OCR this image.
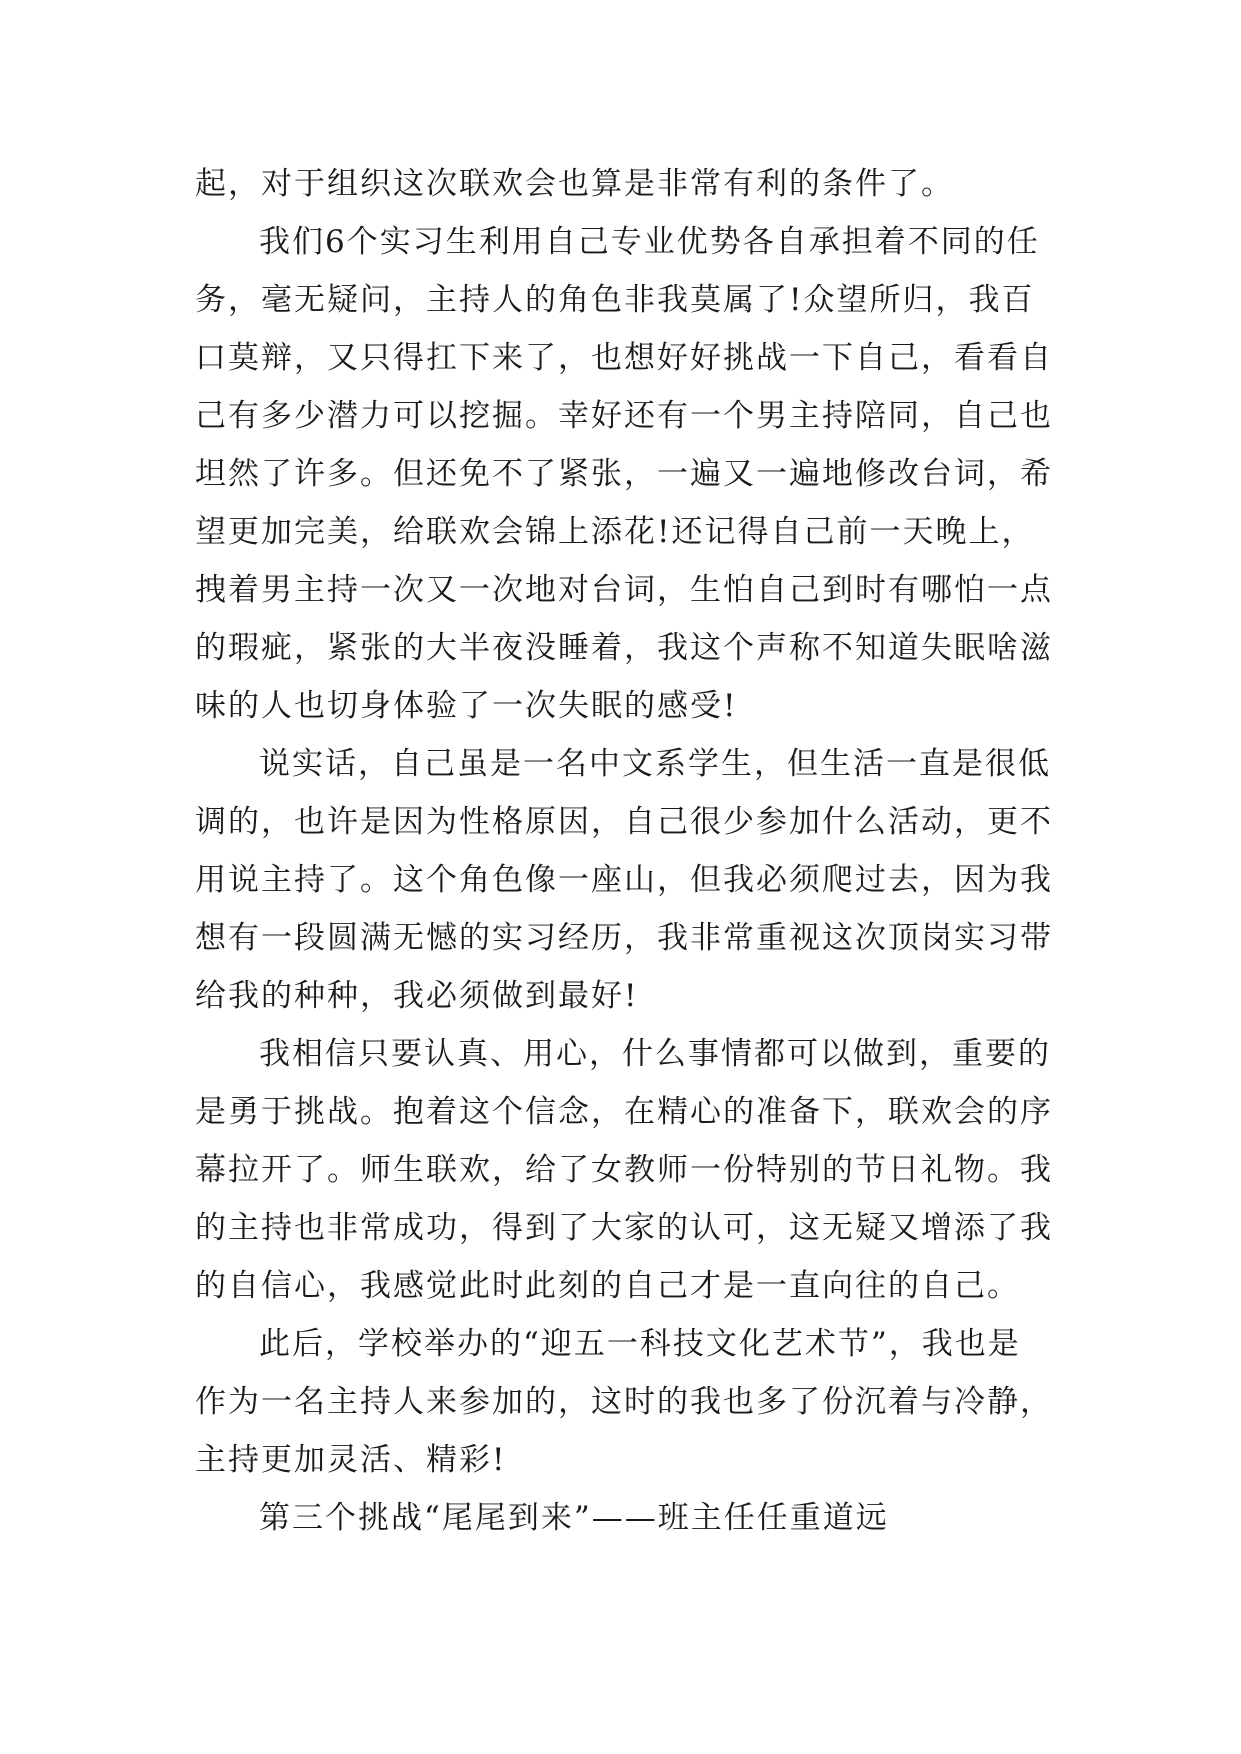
起，对于组织这次联欢会也算是非常有利的条件了。
我们6个实习生利用自己专业优势各自承担着不同的任
务，毫无疑问，主持人的角色非我莫属了!众望所归，我百
口莫辩，又只得扛下来了，也想好好挑战一下自己，看看自
己有多少潜力可以挖掘。幸好还有一个男主持陪同，自己也
坦然了许多。但还免不了紧张，一遍又一遍地修改台词，希
望更加完美，给联欢会锦上添花!还记得自己前一天晚上，
拽着男主持一次又一次地对台词，生怕自己到时有哪怕一点
的瑕疵，紧张的大半夜没睡着，我这个声称不知道失眠啥滋
味的人也切身体验了一次失眠的感受!
说实话，自己虽是一名中文系学生，但生活一直是很低
调的，也许是因为性格原因，自己很少参加什么活动，更不
用说主持了。这个角色像一座山，但我必须爬过去，因为我
想有一段圆满无憾的实习经历，我非常重视这次顶岗实习带
给我的种种，我必须做到最好!
我相信只要认真、用心，什么事情都可以做到，重要的
是勇于挑战。抱着这个信念，在精心的准备下，联欢会的序
幕拉开了。师生联欢，给了女教师一份特别的节日礼物。我
的主持也非常成功，得到了大家的认可，这无疑又增添了我
的自信心，我感觉此时此刻的自己才是一直向往的自己。
此后，学校举办的“迎五一科技文化艺术节”，我也是
作为一名主持人来参加的，这时的我也多了份沉着与冷静，
主持更加灵活、精彩!
第三个挑战“尾尾到来”——班主任任重道远
